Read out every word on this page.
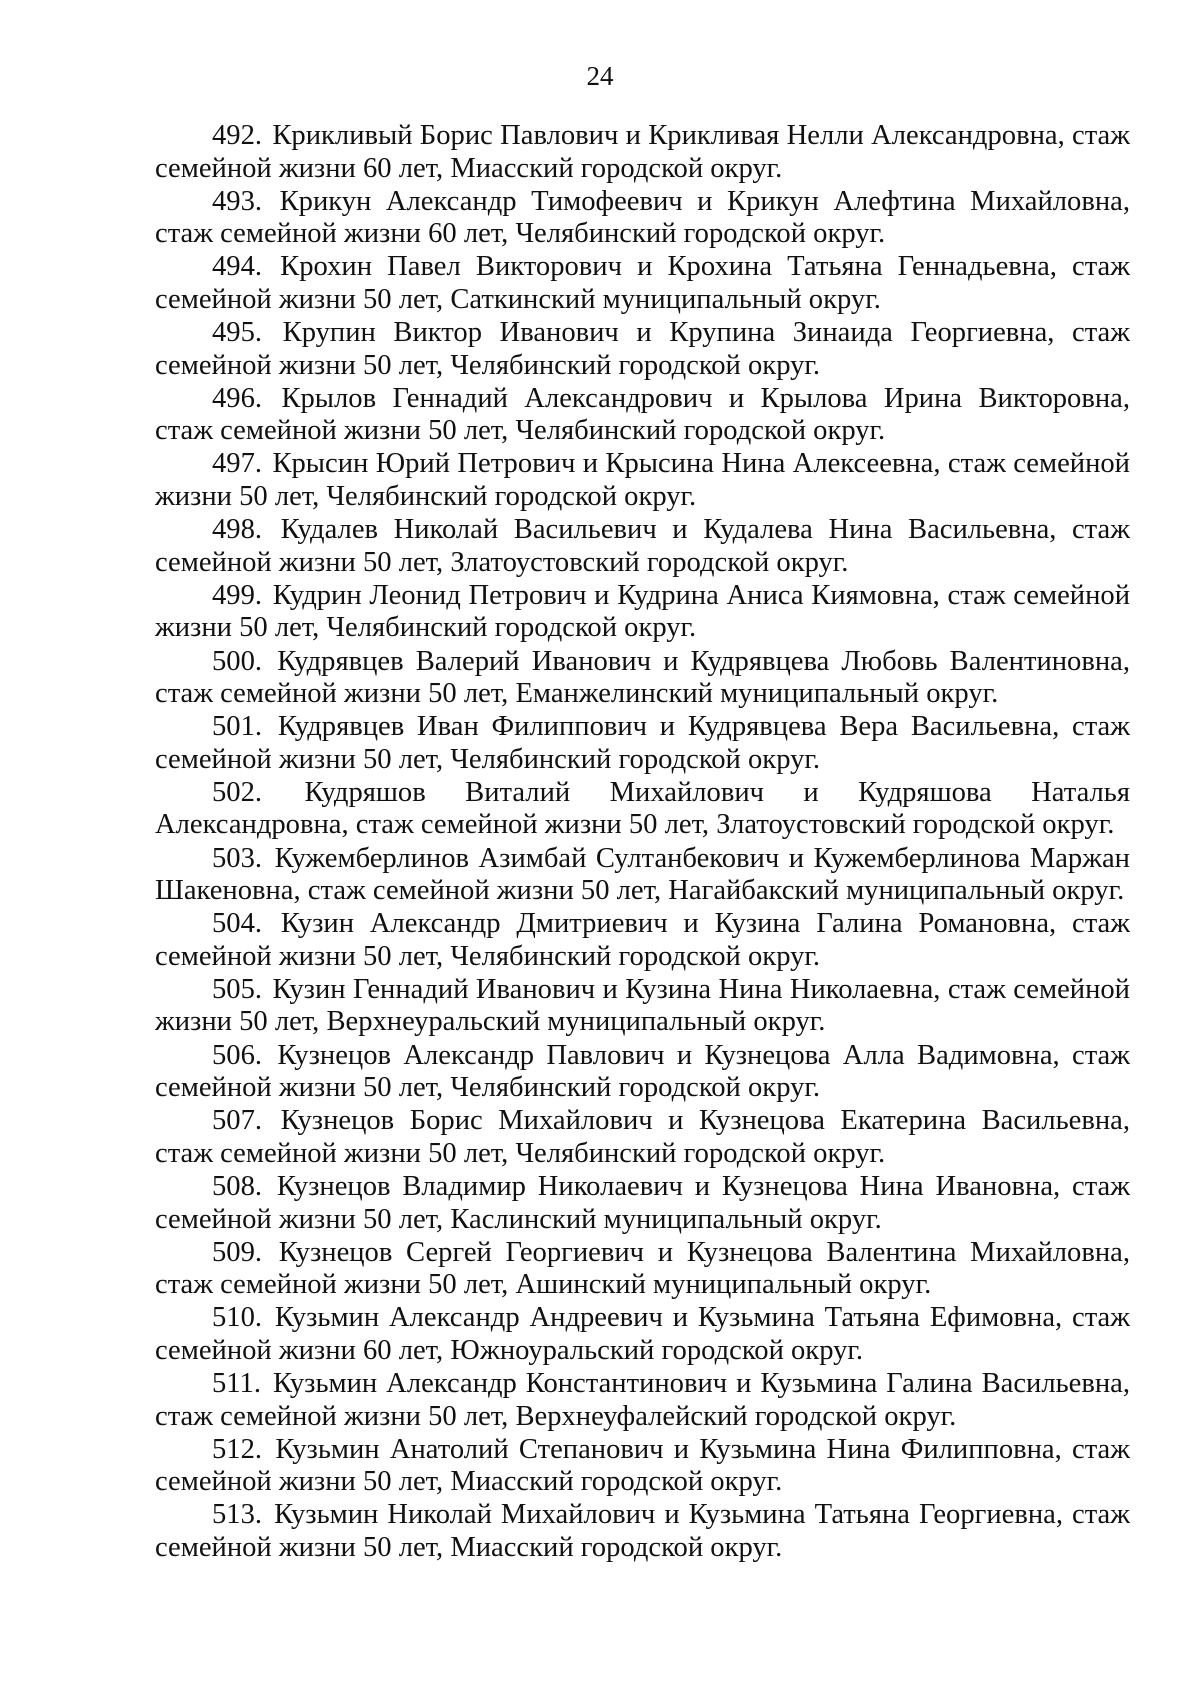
24

492. Крикливый Борис Павлович и Крикливая Нелли Александровна, стаж семейной жизни 60 лет, Миасский городской округ.

493. Крикун Александр Тимофеевич и Крикун Алефтина Михайловна, стаж семейной жизни 60 лет, Челябинский городской округ.

494. Крохин Павел Викторович и Крохина Татьяна Геннадьевна, стаж семейной жизни 50 лет, Саткинский муниципальный округ.

495. Крупин Виктор Иванович и Крупина Зинаида Георгиевна, стаж семейной жизни 50 лет, Челябинский городской округ.

496. Крылов Геннадий Александрович и Крылова Ирина Викторовна, стаж семейной жизни 50 лет, Челябинский городской округ.

497. Крысин Юрий Петрович и Крысина Нина Алексеевна, стаж семейной жизни 50 лет, Челябинский городской округ.

498. Кудалев Николай Васильевич и Кудалева Нина Васильевна, стаж семейной жизни 50 лет, Златоустовский городской округ.

499. Кудрин Леонид Петрович и Кудрина Аниса Киямовна, стаж семейной жизни 50 лет, Челябинский городской округ.

500. Кудрявцев Валерий Иванович и Кудрявцева Любовь Валентиновна, стаж семейной жизни 50 лет, Еманжелинский муниципальный округ.

501. Кудрявцев Иван Филиппович и Кудрявцева Вера Васильевна, стаж семейной жизни 50 лет, Челябинский городской округ.

502. Кудряшов Виталий Михайлович и Кудряшова Наталья Александровна, стаж семейной жизни 50 лет, Златоустовский городской округ.

503. Кужемберлинов Азимбай Султанбекович и Кужемберлинова Маржан Шакеновна, стаж семейной жизни 50 лет, Нагайбакский муниципальный округ.

504. Кузин Александр Дмитриевич и Кузина Галина Романовна, стаж семейной жизни 50 лет, Челябинский городской округ.

505. Кузин Геннадий Иванович и Кузина Нина Николаевна, стаж семейной жизни 50 лет, Верхнеуральский муниципальный округ.

506. Кузнецов Александр Павлович и Кузнецова Алла Вадимовна, стаж семейной жизни 50 лет, Челябинский городской округ.

507. Кузнецов Борис Михайлович и Кузнецова Екатерина Васильевна, стаж семейной жизни 50 лет, Челябинский городской округ.

508. Кузнецов Владимир Николаевич и Кузнецова Нина Ивановна, стаж семейной жизни 50 лет, Каслинский муниципальный округ.

509. Кузнецов Сергей Георгиевич и Кузнецова Валентина Михайловна, стаж семейной жизни 50 лет, Ашинский муниципальный округ.

510. Кузьмин Александр Андреевич и Кузьмина Татьяна Ефимовна, стаж семейной жизни 60 лет, Южноуральский городской округ.

511. Кузьмин Александр Константинович и Кузьмина Галина Васильевна, стаж семейной жизни 50 лет, Верхнеуфалейский городской округ.

512. Кузьмин Анатолий Степанович и Кузьмина Нина Филипповна, стаж семейной жизни 50 лет, Миасский городской округ.

513. Кузьмин Николай Михайлович и Кузьмина Татьяна Георгиевна, стаж семейной жизни 50 лет, Миасский городской округ.
